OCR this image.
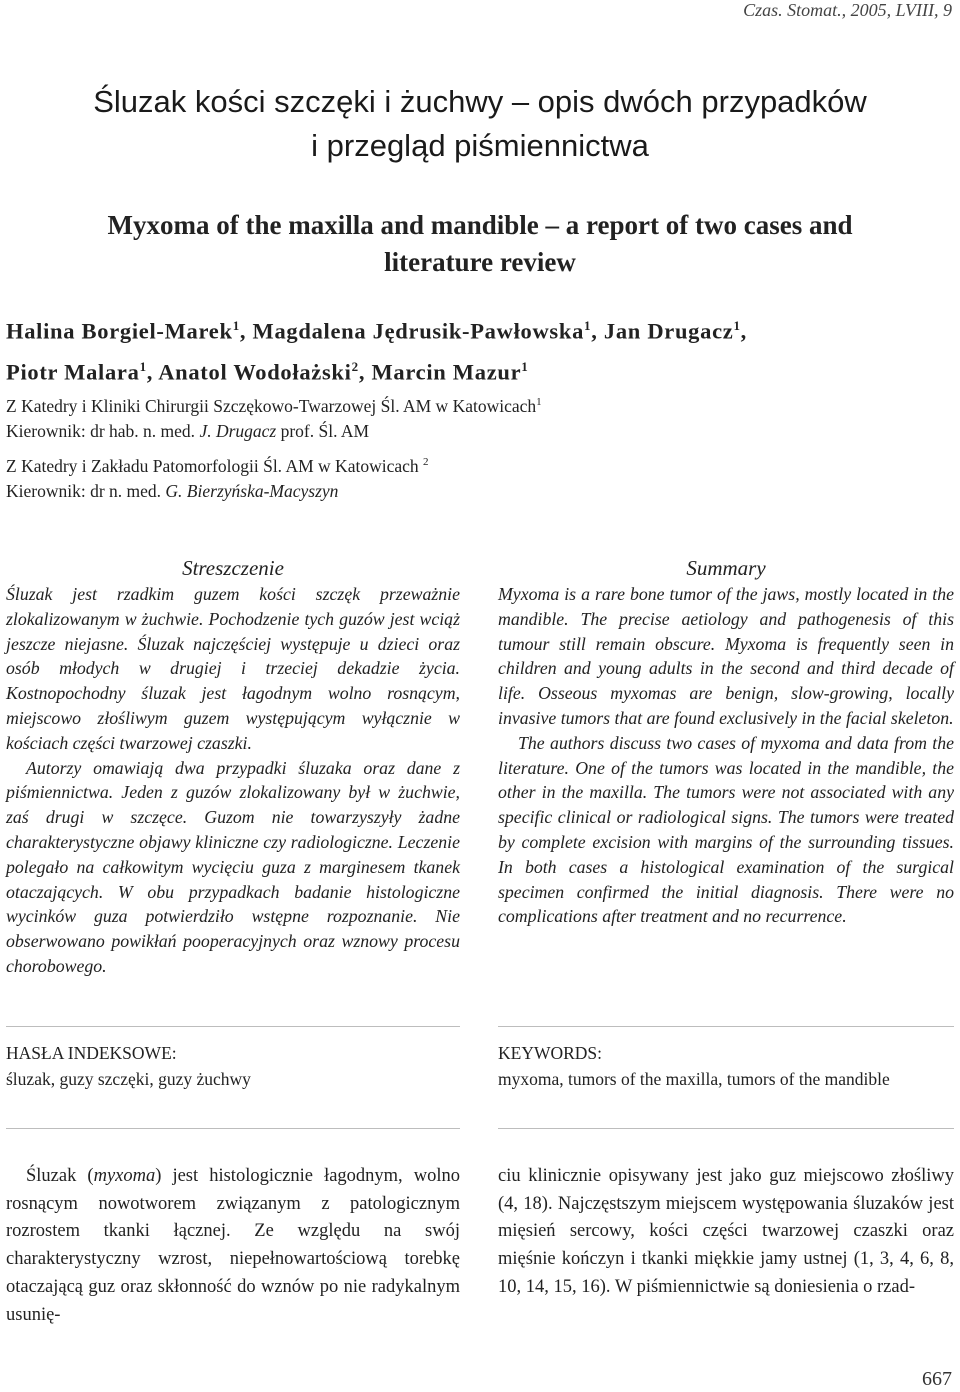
Czas. Stomat., 2005, LVIII, 9
Śluzak kości szczęki i żuchwy – opis dwóch przypadków
i przegląd piśmiennictwa
Myxoma of the maxilla and mandible – a report of two cases and
literature review
Halina Borgiel-Marek$^1$, Magdalena Jędrusik-Pawłowska$^1$, Jan Drugacz$^1$,
Piotr Malara$^1$, Anatol Wodołażski$^2$, Marcin Mazur$^1$

Z Katedry i Kliniki Chirurgii Szczękowo-Twarzowej Śl. AM w Katowicach$^1$

Kierownik: dr hab. n. med. J. Drugacz prof. Śl. AM

Z Katedry i Zakładu Patomorfologii Śl. AM w Katowicach $^2$

Kierownik: dr n. med. G. Bierzyńska-Macyszyn

Streszczenie

Śluzak jest rzadkim guzem kości szczęk przeważnie zlokalizowanym w żuchwie. Pochodzenie tych guzów jest wciąż jeszcze niejasne. Śluzak najczęściej występuje u dzieci oraz osób młodych w drugiej i trzeciej dekadzie życia. Kostnopochodny śluzak jest łagodnym wolno rosnącym, miejscowo złośliwym guzem występującym wyłącznie w kościach części twarzowej czaszki.

Autorzy omawiają dwa przypadki śluzaka oraz dane z piśmiennictwa. Jeden z guzów zlokalizowany był w żuchwie, zaś drugi w szczęce. Guzom nie towarzyszyły żadne charakterystyczne objawy kliniczne czy radiologiczne. Leczenie polegało na całkowitym wycięciu guza z marginesem tkanek otaczających. W obu przypadkach badanie histologiczne wycinków guza potwierdziło wstępne rozpoznanie. Nie obserwowano powikłań pooperacyjnych oraz wznowy procesu chorobowego.

Summary

Myxoma is a rare bone tumor of the jaws, mostly located in the mandible. The precise aetiology and pathogenesis of this tumour still remain obscure. Myxoma is frequently seen in children and young adults in the second and third decade of life. Osseous myxomas are benign, slow-growing, locally invasive tumors that are found exclusively in the facial skeleton.

The authors discuss two cases of myxoma and data from the literature. One of the tumors was located in the mandible, the other in the maxilla. The tumors were not associated with any specific clinical or radiological signs. The tumors were treated by complete excision with margins of the surrounding tissues. In both cases a histological examination of the surgical specimen confirmed the initial diagnosis. There were no complications after treatment and no recurrence.

HASŁA INDEKSOWE:
śluzak, guzy szczęki, guzy żuchwy
KEYWORDS:
myxoma, tumors of the maxilla, tumors of the mandible

Śluzak (myxoma) jest histologicznie łagodnym, wolno rosnącym nowotworem związanym z patologicznym rozrostem tkanki łącznej. Ze względu na swój charakterystyczny wzrost, niepełnowartościową torebkę otaczającą guz oraz skłonność do wznów po nie radykalnym usunię-

ciu klinicznie opisywany jest jako guz miejscowo złośliwy (4, 18). Najczęstszym miejscem występowania śluzaków jest mięsień sercowy, kości części twarzowej czaszki oraz mięśnie kończyn i tkanki miękkie jamy ustnej (1, 3, 4, 6, 8, 10, 14, 15, 16). W piśmiennictwie są doniesienia o rzad-

667
